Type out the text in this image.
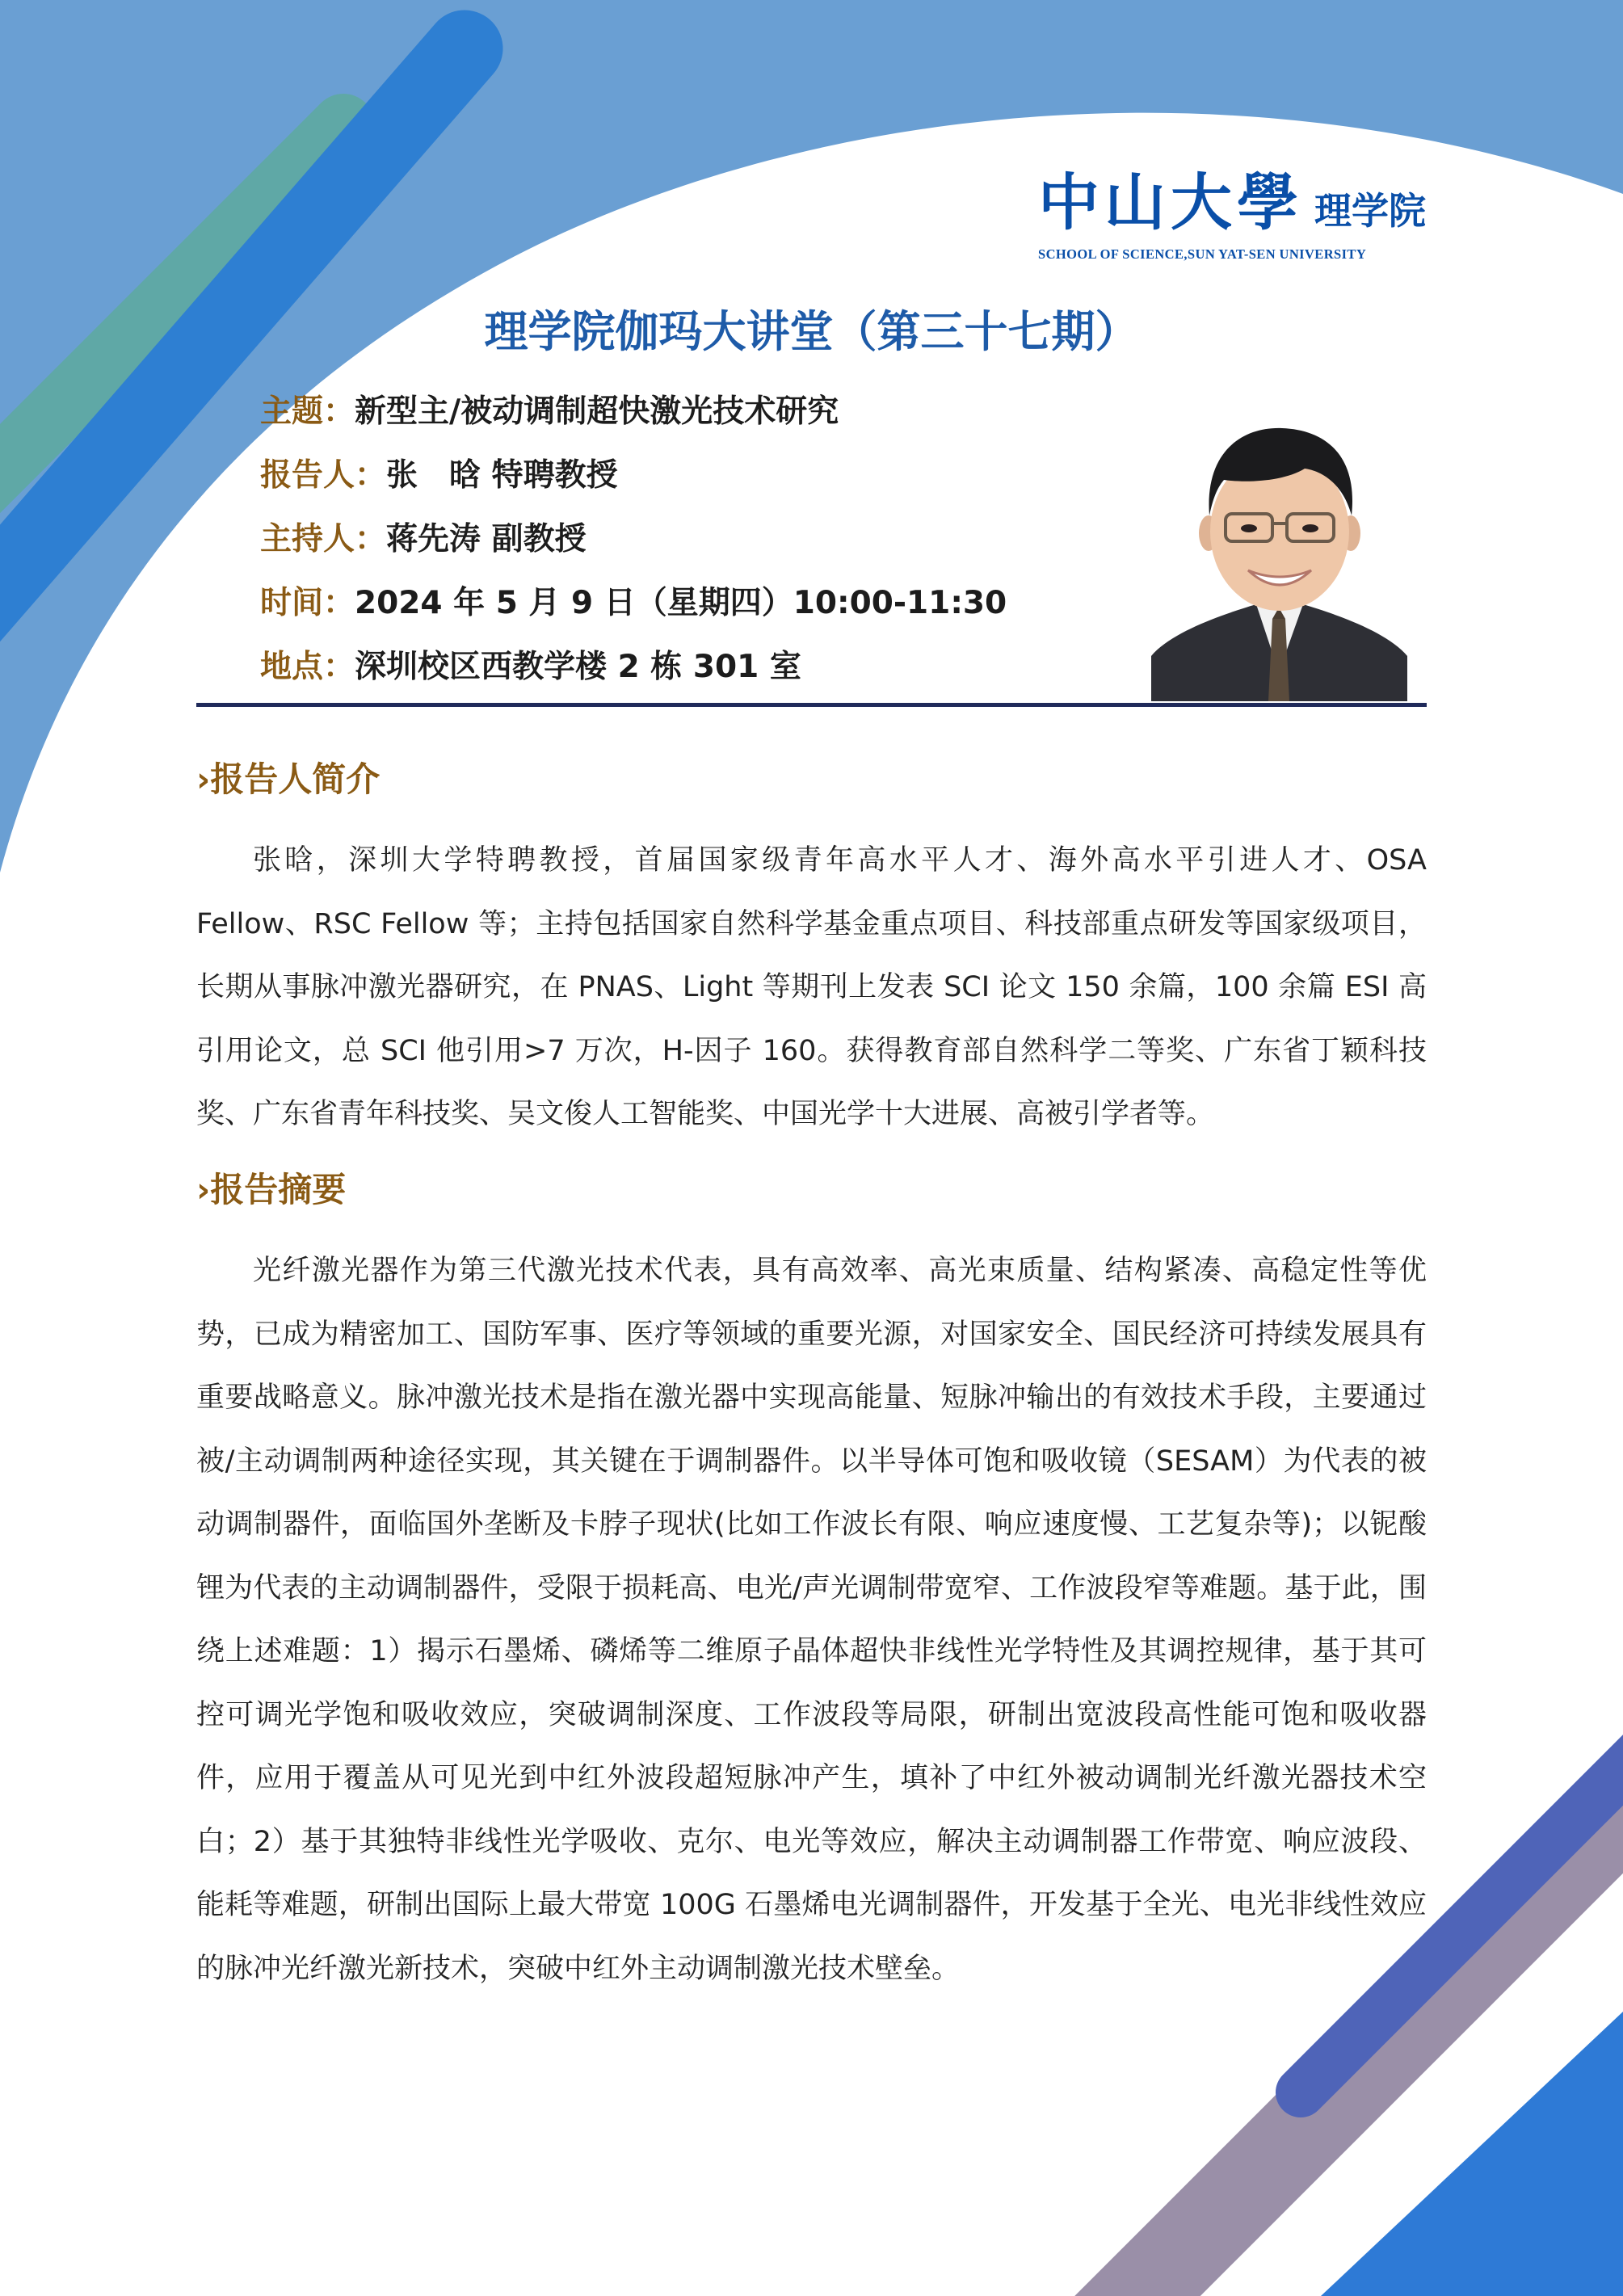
中山大學 理学院
SCHOOL OF SCIENCE,SUN YAT-SEN UNIVERSITY
理学院伽玛大讲堂（第三十七期）
主题：新型主/被动调制超快激光技术研究
报告人：张　晗 特聘教授
主持人：蒋先涛 副教授
时间：2024 年 5 月 9 日（星期四）10:00-11:30
地点：深圳校区西教学楼 2 栋 301 室
›报告人简介

张晗，深圳大学特聘教授，首届国家级青年高水平人才、海外高水平引进人才、OSA Fellow、RSC Fellow 等；主持包括国家自然科学基金重点项目、科技部重点研发等国家级项目，长期从事脉冲激光器研究，在 PNAS、Light 等期刊上发表 SCI 论文 150 余篇，100 余篇 ESI 高引用论文，总 SCI 他引用>7 万次，H-因子 160。获得教育部自然科学二等奖、广东省丁颖科技奖、广东省青年科技奖、吴文俊人工智能奖、中国光学十大进展、高被引学者等。

›报告摘要

光纤激光器作为第三代激光技术代表，具有高效率、高光束质量、结构紧凑、高稳定性等优势，已成为精密加工、国防军事、医疗等领域的重要光源，对国家安全、国民经济可持续发展具有重要战略意义。脉冲激光技术是指在激光器中实现高能量、短脉冲输出的有效技术手段，主要通过被/主动调制两种途径实现，其关键在于调制器件。以半导体可饱和吸收镜（SESAM）为代表的被动调制器件，面临国外垄断及卡脖子现状(比如工作波长有限、响应速度慢、工艺复杂等)；以铌酸锂为代表的主动调制器件，受限于损耗高、电光/声光调制带宽窄、工作波段窄等难题。基于此，围绕上述难题：1）揭示石墨烯、磷烯等二维原子晶体超快非线性光学特性及其调控规律，基于其可控可调光学饱和吸收效应，突破调制深度、工作波段等局限，研制出宽波段高性能可饱和吸收器件，应用于覆盖从可见光到中红外波段超短脉冲产生，填补了中红外被动调制光纤激光器技术空白；2）基于其独特非线性光学吸收、克尔、电光等效应，解决主动调制器工作带宽、响应波段、能耗等难题，研制出国际上最大带宽 100G 石墨烯电光调制器件，开发基于全光、电光非线性效应的脉冲光纤激光新技术，突破中红外主动调制激光技术壁垒。
